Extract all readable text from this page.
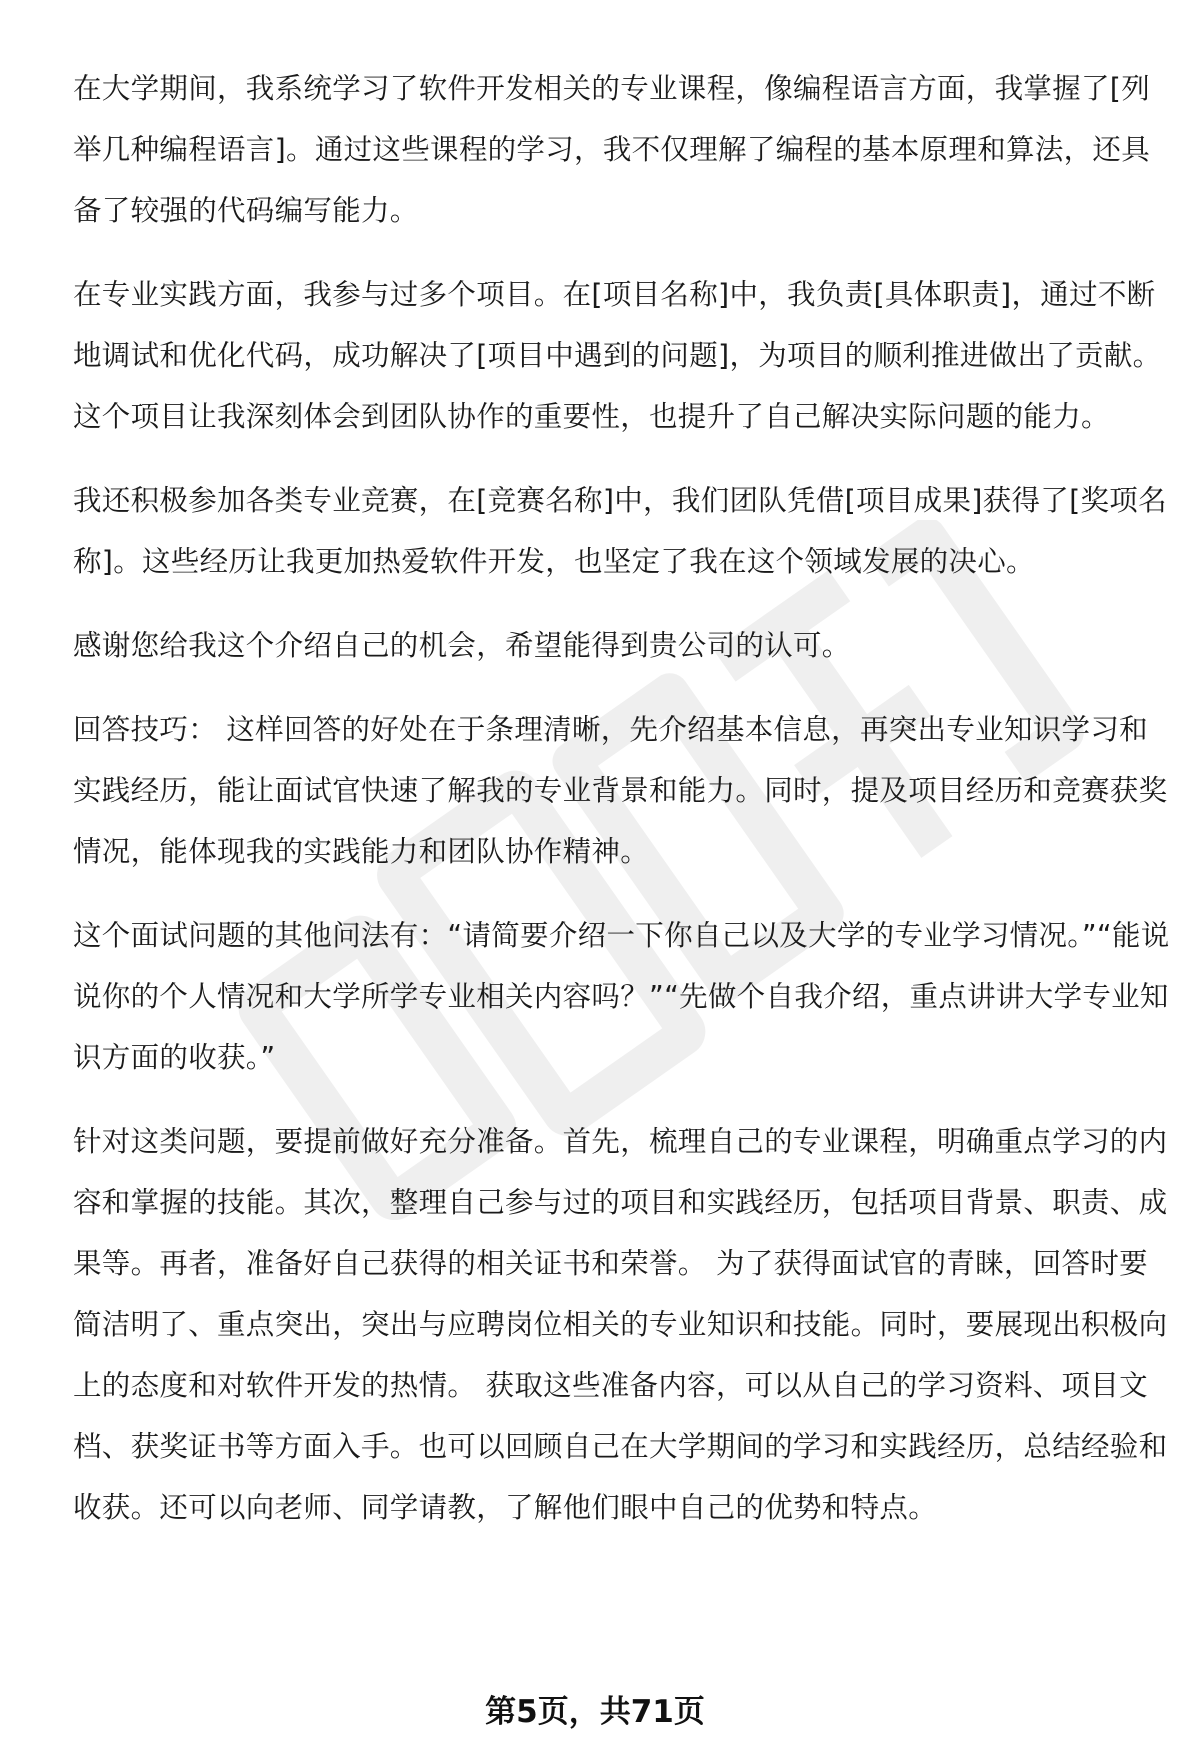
在大学期间，我系统学习了软件开发相关的专业课程，像编程语言方面，我掌握了[列举几种编程语言]。通过这些课程的学习，我不仅理解了编程的基本原理和算法，还具备了较强的代码编写能力。

在专业实践方面，我参与过多个项目。在[项目名称]中，我负责[具体职责]，通过不断地调试和优化代码，成功解决了[项目中遇到的问题]，为项目的顺利推进做出了贡献。这个项目让我深刻体会到团队协作的重要性，也提升了自己解决实际问题的能力。

我还积极参加各类专业竞赛，在[竞赛名称]中，我们团队凭借[项目成果]获得了[奖项名称]。这些经历让我更加热爱软件开发，也坚定了我在这个领域发展的决心。

感谢您给我这个介绍自己的机会，希望能得到贵公司的认可。

回答技巧： 这样回答的好处在于条理清晰，先介绍基本信息，再突出专业知识学习和实践经历，能让面试官快速了解我的专业背景和能力。同时，提及项目经历和竞赛获奖情况，能体现我的实践能力和团队协作精神。

这个面试问题的其他问法有：“请简要介绍一下你自己以及大学的专业学习情况。”“能说说你的个人情况和大学所学专业相关内容吗？”“先做个自我介绍，重点讲讲大学专业知识方面的收获。”

针对这类问题，要提前做好充分准备。首先，梳理自己的专业课程，明确重点学习的内容和掌握的技能。其次，整理自己参与过的项目和实践经历，包括项目背景、职责、成果等。再者，准备好自己获得的相关证书和荣誉。 为了获得面试官的青睐，回答时要简洁明了、重点突出，突出与应聘岗位相关的专业知识和技能。同时，要展现出积极向上的态度和对软件开发的热情。 获取这些准备内容，可以从自己的学习资料、项目文档、获奖证书等方面入手。也可以回顾自己在大学期间的学习和实践经历，总结经验和收获。还可以向老师、同学请教，了解他们眼中自己的优势和特点。

第5页，共71页
